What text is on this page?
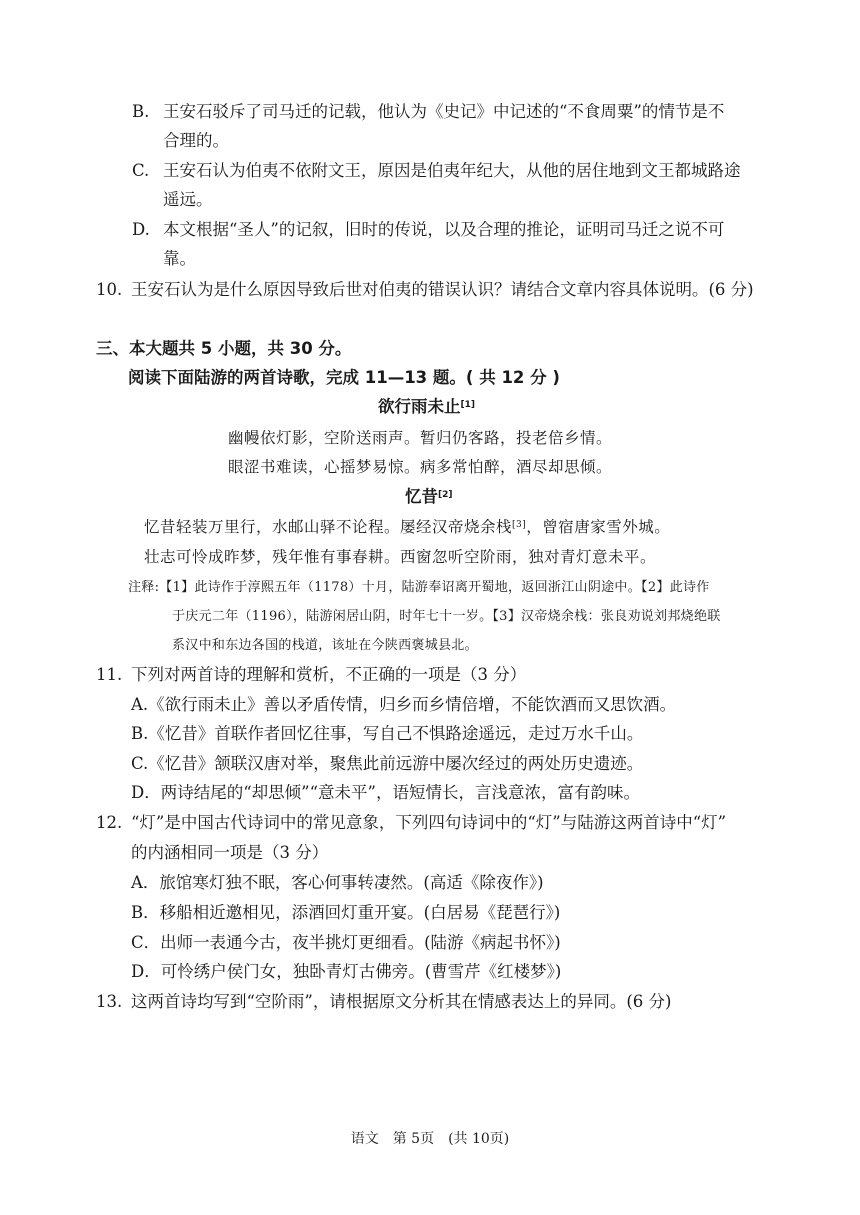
B. 王安石驳斥了司马迁的记载，他认为《史记》中记述的“不食周粟”的情节是不
合理的。
C. 王安石认为伯夷不依附文王，原因是伯夷年纪大，从他的居住地到文王都城路途
遥远。
D. 本文根据“圣人”的记叙，旧时的传说，以及合理的推论，证明司马迁之说不可
靠。
10. 王安石认为是什么原因导致后世对伯夷的错误认识？请结合文章内容具体说明。(6 分)
三、本大题共 5 小题，共 30 分。
阅读下面陆游的两首诗歌，完成 11—13 题。( 共 12 分 )
欲行雨未止[1]
幽幔依灯影，空阶送雨声。暂归仍客路，投老倍乡情。
眼涩书难读，心摇梦易惊。病多常怕醉，酒尽却思倾。
忆昔[2]
忆昔轻装万里行，水邮山驿不论程。屡经汉帝烧余栈[3]，曾宿唐家雪外城。
壮志可怜成昨梦，残年惟有事春耕。西窗忽听空阶雨，独对青灯意未平。
注释:【1】此诗作于淳熙五年（1178）十月，陆游奉诏离开蜀地，返回浙江山阴途中。【2】此诗作
于庆元二年（1196），陆游闲居山阴，时年七十一岁。【3】汉帝烧余栈：张良劝说刘邦烧绝联
系汉中和东边各国的栈道，该址在今陕西褒城县北。
11. 下列对两首诗的理解和赏析，不正确的一项是（3 分）
A.《欲行雨未止》善以矛盾传情，归乡而乡情倍增，不能饮酒而又思饮酒。
B.《忆昔》首联作者回忆往事，写自己不惧路途遥远，走过万水千山。
C.《忆昔》颔联汉唐对举，聚焦此前远游中屡次经过的两处历史遗迹。
D．两诗结尾的“却思倾”“意未平”，语短情长，言浅意浓，富有韵味。
12. “灯”是中国古代诗词中的常见意象，下列四句诗词中的“灯”与陆游这两首诗中“灯”
的内涵相同一项是（3 分）
A．旅馆寒灯独不眠，客心何事转凄然。(高适《除夜作》)
B．移船相近邀相见，添酒回灯重开宴。(白居易《琵琶行》)
C．出师一表通今古，夜半挑灯更细看。(陆游《病起书怀》)
D．可怜绣户侯门女，独卧青灯古佛旁。(曹雪芹《红楼梦》)
13. 这两首诗均写到“空阶雨”，请根据原文分析其在情感表达上的异同。(6 分)
语文　第 5页　(共 10页)
